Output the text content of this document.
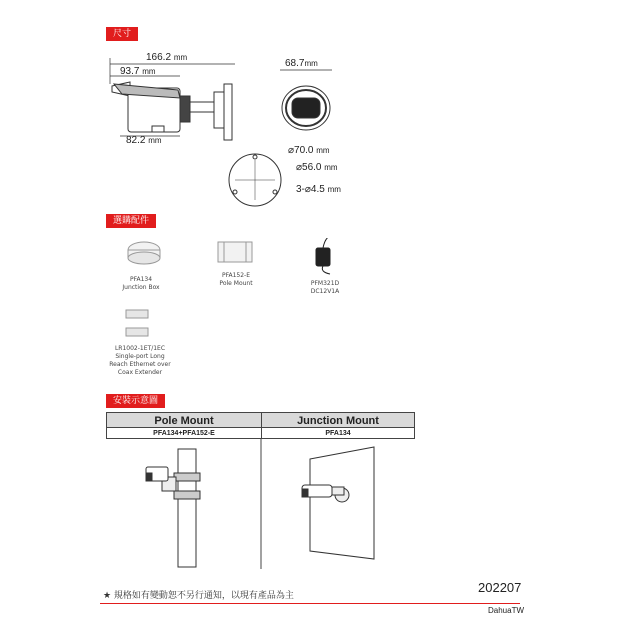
尺寸
選購配件
安裝示意圖
166.2 mm
93.7 mm
82.2 mm
68.7mm
⌀70.0 mm
⌀56.0 mm
3-⌀4.5 mm
PFA134
Junction Box
PFA152-E
Pole Mount	PFM321D
DC12V1A
LR1002-1ET/1EC
Single-port Long
Reach Ethernet over
Coax Extender
Pole Mount	Junction Mount
PFA134+PFA152-E	PFA134
202207
★ 規格如有變動恕不另行通知，以現有產品為主
DahuaTW
